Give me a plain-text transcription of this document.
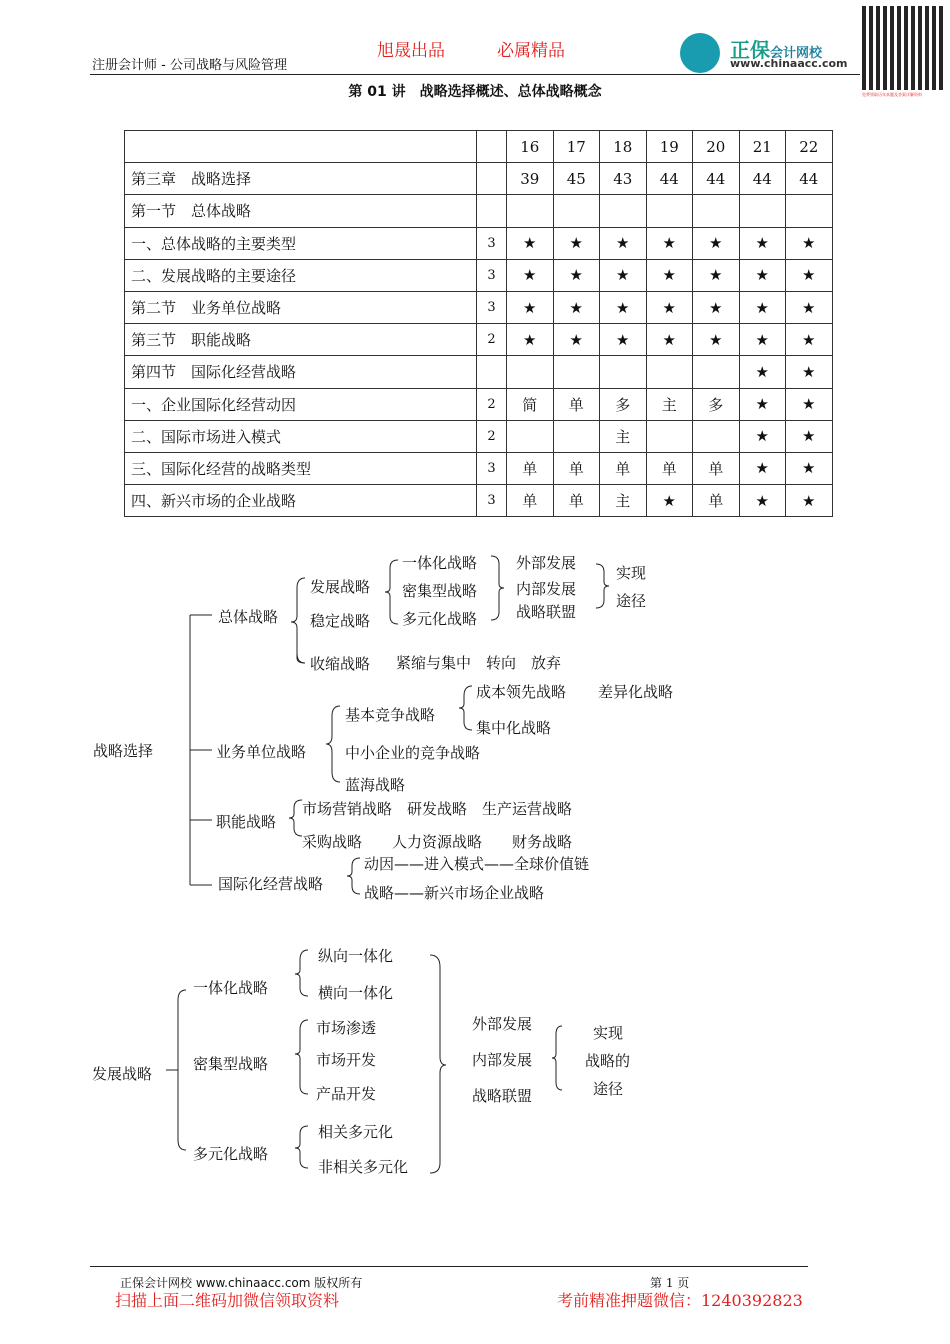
注册会计师 - 公司战略与风险管理
旭晟出品	必属精品	正保会计网校
www.chinaacc.com
免费领取历年真题及答案详解资料
第 01 讲　战略选择概述、总体战略概念
		16	17	18	19	20	21	22
第三章　战略选择		39	45	43	44	44	44	44
第一节　总体战略								
一、总体战略的主要类型	3	★	★	★	★	★	★	★
二、发展战略的主要途径	3	★	★	★	★	★	★	★
第二节　业务单位战略	3	★	★	★	★	★	★	★
第三节　职能战略	2	★	★	★	★	★	★	★
第四节　国际化经营战略							★	★
一、企业国际化经营动因	2	简	单	多	主	多	★	★
二、国际市场进入模式	2			主			★	★
三、国际化经营的战略类型	3	单	单	单	单	单	★	★
四、新兴市场的企业战略	3	单	单	主	★	单	★	★
战略选择
总体战略
发展战略
稳定战略
收缩战略 紧缩与集中　转向　放弃
一体化战略
密集型战略
多元化战略
外部发展
内部发展
战略联盟
实现
途径
业务单位战略
基本竞争战略
成本领先战略 差异化战略
集中化战略
中小企业的竞争战略
蓝海战略
职能战略
市场营销战略　研发战略　生产运营战略
采购战略　　人力资源战略　　财务战略
国际化经营战略
动因——进入模式——全球价值链
战略——新兴市场企业战略
发展战略
一体化战略
密集型战略
多元化战略
纵向一体化
横向一体化
市场渗透
市场开发
产品开发
相关多元化
非相关多元化
外部发展
内部发展
战略联盟
实现
战略的
途径
正保会计网校 www.chinaacc.com 版权所有	第 1 页
扫描上面二维码加微信领取资料	考前精准押题微信：1240392823
